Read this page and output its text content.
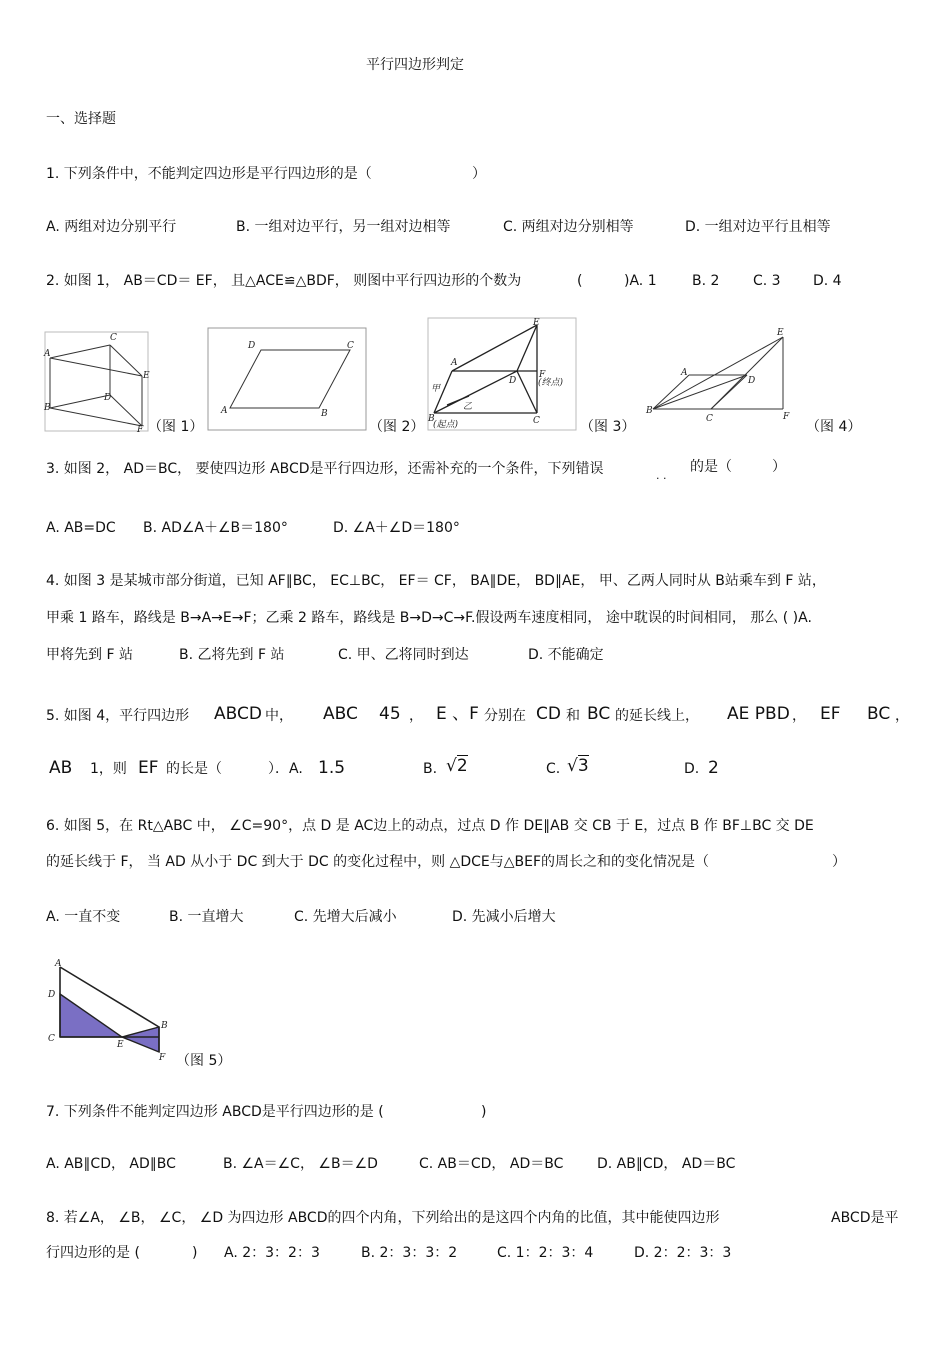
平行四边形判定
一、选择题
1. 下列条件中，不能判定四边形是平行四边形的是（	）
A. 两组对边分别平行	B. 一组对边平行，另一组对边相等	C. 两组对边分别相等	D. 一组对边平行且相等
2. 如图 1， AB＝CD＝ EF， 且△ACE≌△BDF， 则图中平行四边形的个数为	(	)A. 1	B. 2 C. 3 D. 4
A
B
C
D
E
F （图 1）
A	B
C
D
（图 2）
A
B	C
D
E
F
甲
乙
(终点)
(起点)	（图 3）
A
B
C
D
E
F
（图 4）
3. 如图 2， AD＝BC， 要使四边形 ABCD是平行四边形，还需补充的一个条件，下列错误	. .
的是（	）
A. AB=DC B. AD∠A＋∠B＝180°	D. ∠A＋∠D＝180°
4. 如图 3 是某城市部分街道，已知 AF∥BC， EC⊥BC， EF＝ CF， BA∥DE， BD∥AE， 甲、乙两人同时从 B站乘车到 F 站，
甲乘 1 路车，路线是 B→A→E→F；乙乘 2 路车，路线是 B→D→C→F.假设两车速度相同， 途中耽误的时间相同， 那么 ( )A.
甲将先到 F 站	B. 乙将先到 F 站	C. 甲、乙将同时到达	D. 不能确定
5. 如图 4，平行四边形 ABCD 中， ABC 45 ， E 、F 分别在 CD 和 BC 的延长线上， AE PBD ， EF BC ，
AB 1，则 EF 的长是（	）．A. 1.5	B. √2	C. √3	D. 2
6. 如图 5，在 Rt△ABC 中， ∠C=90°，点 D 是 AC边上的动点，过点 D 作 DE∥AB 交 CB 于 E，过点 B 作 BF⊥BC 交 DE
的延长线于 F， 当 AD 从小于 DC 到大于 DC 的变化过程中，则 △DCE与△BEF的周长之和的变化情况是（	）
A. 一直不变	B. 一直增大	C. 先增大后减小	D. 先减小后增大
A
B
C
D
E
F （图 5）
7. 下列条件不能判定四边形 ABCD是平行四边形的是 (	)
A. AB∥CD， AD∥BC	B. ∠A＝∠C， ∠B＝∠D	C. AB＝CD， AD＝BC D. AB∥CD， AD＝BC
8. 若∠A， ∠B， ∠C， ∠D 为四边形 ABCD的四个内角，下列给出的是这四个内角的比值，其中能使四边形	ABCD是平
行四边形的是 (	) A. 2：3：2：3	B. 2：3：3：2	C. 1：2：3：4	D. 2：2：3：3
